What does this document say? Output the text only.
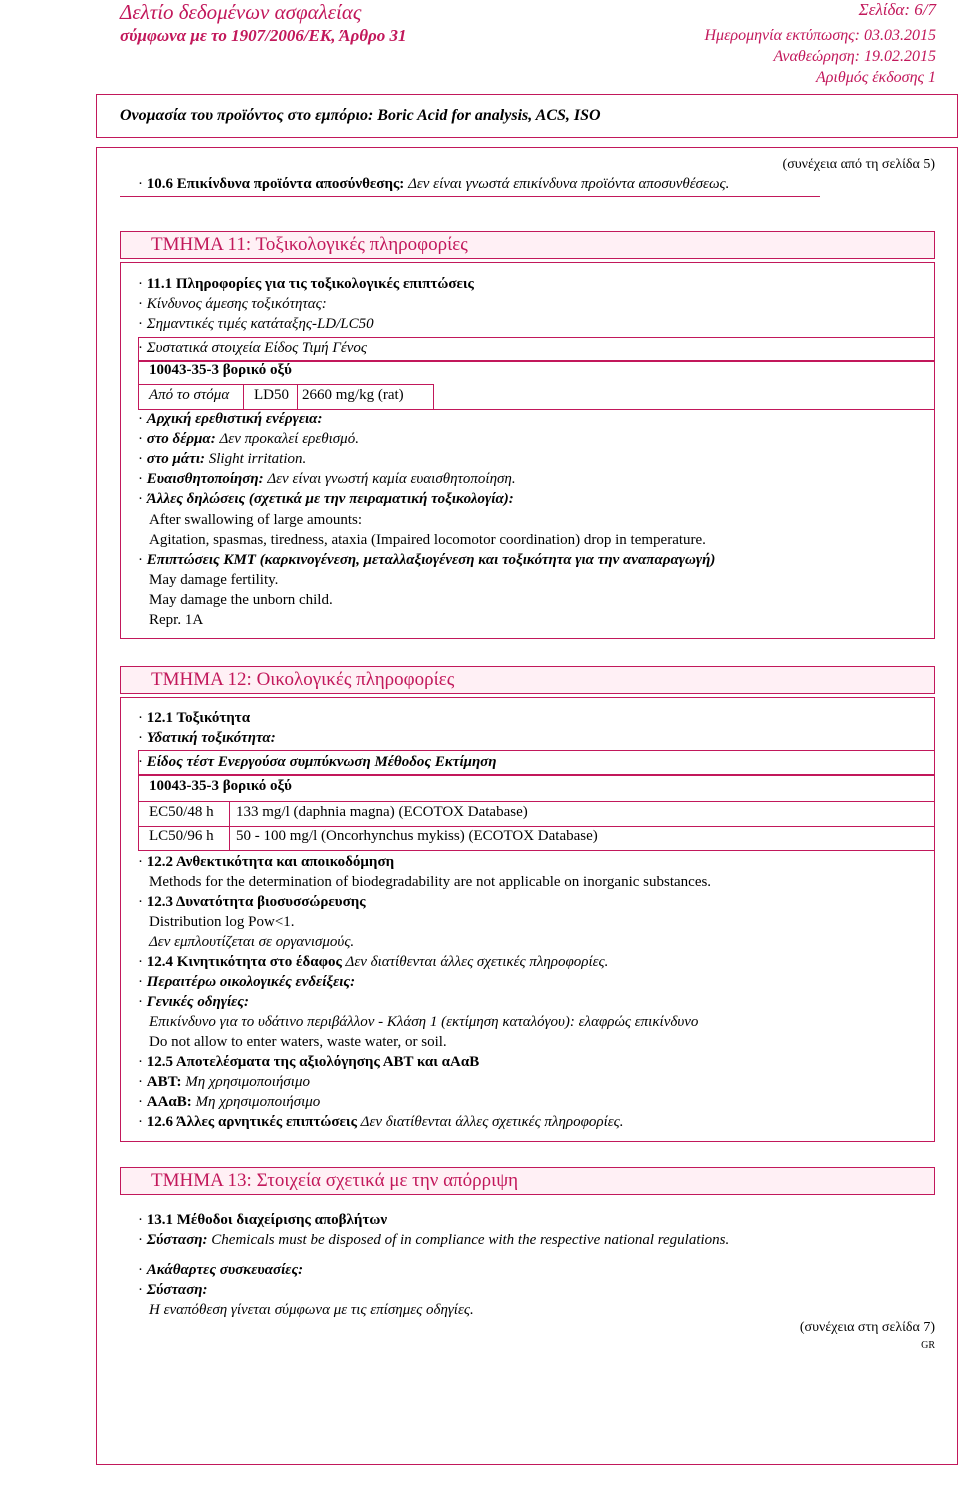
Δελτίο δεδομένων ασφαλείας
σύμφωνα με το 1907/2006/ΕΚ, Άρθρο 31
Σελίδα: 6/7
Ημερομηνία εκτύπωσης: 03.03.2015
Αναθεώρηση: 19.02.2015
Αριθμός έκδοσης 1
Ονομασία του προϊόντος στο εμπόριο: Boric Acid for analysis, ACS, ISO
(συνέχεια από τη σελίδα 5)
· 10.6 Επικίνδυνα προϊόντα αποσύνθεσης: Δεν είναι γνωστά επικίνδυνα προϊόντα αποσυνθέσεως.
ΤΜΗΜΑ 11: Τοξικολογικές πληροφορίες
· 11.1 Πληροφορίες για τις τοξικολογικές επιπτώσεις
· Κίνδυνος άμεσης τοξικότητας:
· Σημαντικές τιμές κατάταξης-LD/LC50
· Συστατικά στοιχεία Είδος Τιμή Γένος
10043-35-3 βορικό οξύ
Από το στόμα LD50 2660 mg/kg (rat)
· Αρχική ερεθιστική ενέργεια:
· στο δέρμα: Δεν προκαλεί ερεθισμό.
· στο μάτι: Slight irritation.
· Ευαισθητοποίηση: Δεν είναι γνωστή καμία ευαισθητοποίηση.
· Άλλες δηλώσεις (σχετικά με την πειραματική τοξικολογία):
After swallowing of large amounts:
Agitation, spasmas, tiredness, ataxia (Impaired locomotor coordination) drop in temperature.
· Επιπτώσεις ΚΜΤ (καρκινογένεση, μεταλλαξιογένεση και τοξικότητα για την αναπαραγωγή)
May damage fertility.
May damage the unborn child.
Repr. 1A
ΤΜΗΜΑ 12: Οικολογικές πληροφορίες
· 12.1 Τοξικότητα
· Υδατική τοξικότητα:
· Είδος τέστ Ενεργούσα συμπύκνωση Μέθοδος Εκτίμηση
10043-35-3 βορικό οξύ
EC50/48 h 133 mg/l (daphnia magna) (ECOTOX Database)
LC50/96 h 50 - 100 mg/l (Oncorhynchus mykiss) (ECOTOX Database)
· 12.2 Ανθεκτικότητα και αποικοδόμηση
Methods for the determination of biodegradability are not applicable on inorganic substances.
· 12.3 Δυνατότητα βιοσυσσώρευσης
Distribution log Pow<1.
Δεν εμπλουτίζεται σε οργανισμούς.
· 12.4 Κινητικότητα στο έδαφος Δεν διατίθενται άλλες σχετικές πληροφορίες.
· Περαιτέρω οικολογικές ενδείξεις:
· Γενικές οδηγίες:
Επικίνδυνο για το υδάτινο περιβάλλον - Κλάση 1 (εκτίμηση καταλόγου): ελαφρώς επικίνδυνο
Do not allow to enter waters, waste water, or soil.
· 12.5 Αποτελέσματα της αξιολόγησης ΑΒΤ και αΑαΒ
· ΑΒΤ: Μη χρησιμοποιήσιμο
· ΑΑαΒ: Μη χρησιμοποιήσιμο
· 12.6 Άλλες αρνητικές επιπτώσεις Δεν διατίθενται άλλες σχετικές πληροφορίες.
ΤΜΗΜΑ 13: Στοιχεία σχετικά με την απόρριψη
· 13.1 Μέθοδοι διαχείρισης αποβλήτων
· Σύσταση: Chemicals must be disposed of in compliance with the respective national regulations.
· Ακάθαρτες συσκευασίες:
· Σύσταση:
Η εναπόθεση γίνεται σύμφωνα με τις επίσημες οδηγίες.
(συνέχεια στη σελίδα 7)
GR
